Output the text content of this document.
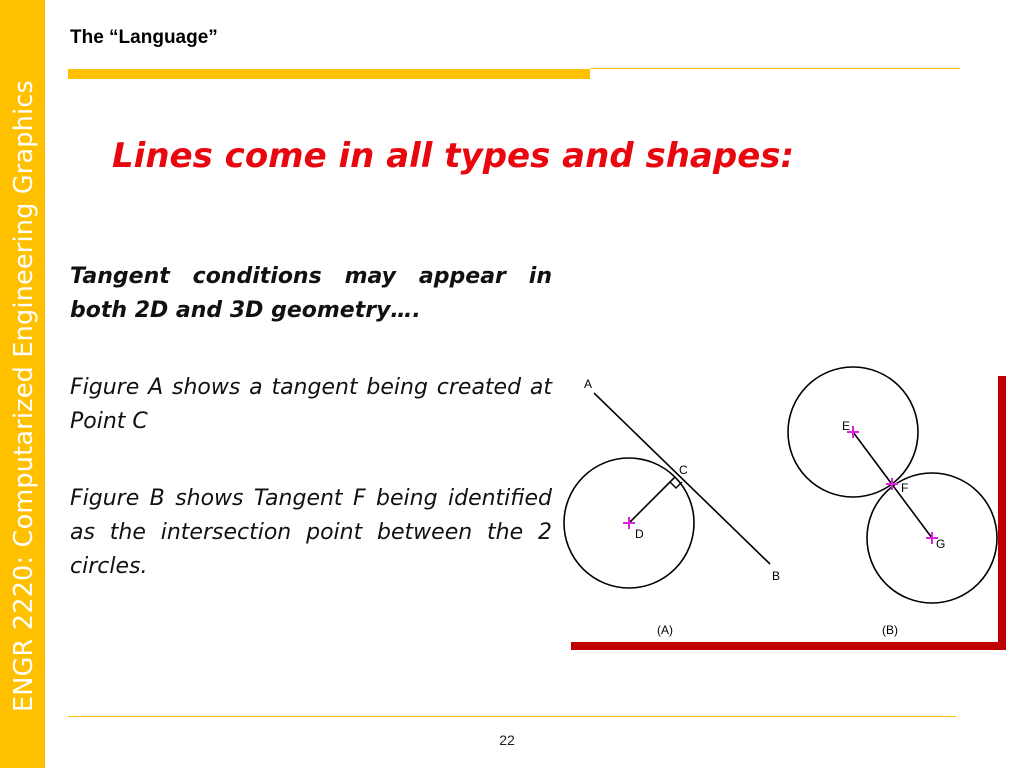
ENGR 2220: Computarized Engineering Graphics
The “Language”
Lines come in all types and shapes:
Tangent conditions may appear in both 2D and 3D geometry….
Figure A shows a tangent being created at Point C
Figure B shows Tangent F being identified as the intersection point between the 2 circles.
A
B
C
D
(A)
E
F
G
(B)
22
